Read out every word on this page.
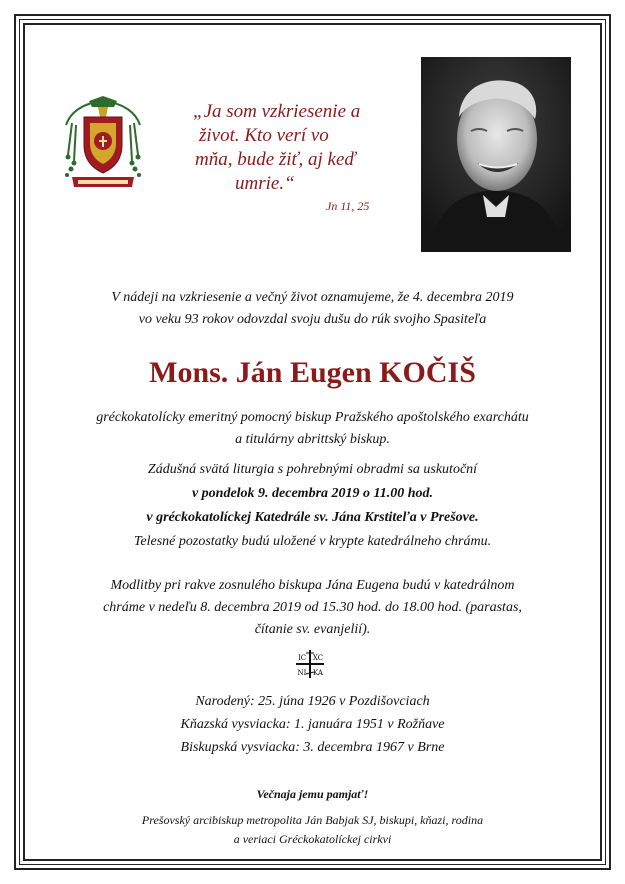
„Ja som vzkriesenie a
život. Kto verí vo
mňa, bude žiť, aj keď
umrie.“
Jn 11, 25
V nádeji na vzkriesenie a večný život oznamujeme, že 4. decembra 2019
vo veku 93 rokov odovzdal svoju dušu do rúk svojho Spasiteľa
Mons. Ján Eugen KOČIŠ
gréckokatolícky emeritný pomocný biskup Pražského apoštolského exarchátu
a titulárny abrittský biskup.
Zádušná svätá liturgia s pohrebnými obradmi sa uskutoční
v pondelok 9. decembra 2019 o 11.00 hod.
v gréckokatolíckej Katedrále sv. Jána Krstiteľa v Prešove.
Telesné pozostatky budú uložené v krypte katedrálneho chrámu.
Modlitby pri rakve zosnulého biskupa Jána Eugena budú v katedrálnom
chráme v nedeľu 8. decembra 2019 od 15.30 hod. do 18.00 hod. (parastas,
čítanie sv. evanjelií).
IC XC
NI KA
Narodený: 25. júna 1926 v Pozdišovciach
Kňazská vysviacka: 1. januára 1951 v Rožňave
Biskupská vysviacka: 3. decembra 1967 v Brne
Večnaja jemu pamjať!
Prešovský arcibiskup metropolita Ján Babjak SJ, biskupi, kňazi, rodina
a veriaci Gréckokatolíckej cirkvi
